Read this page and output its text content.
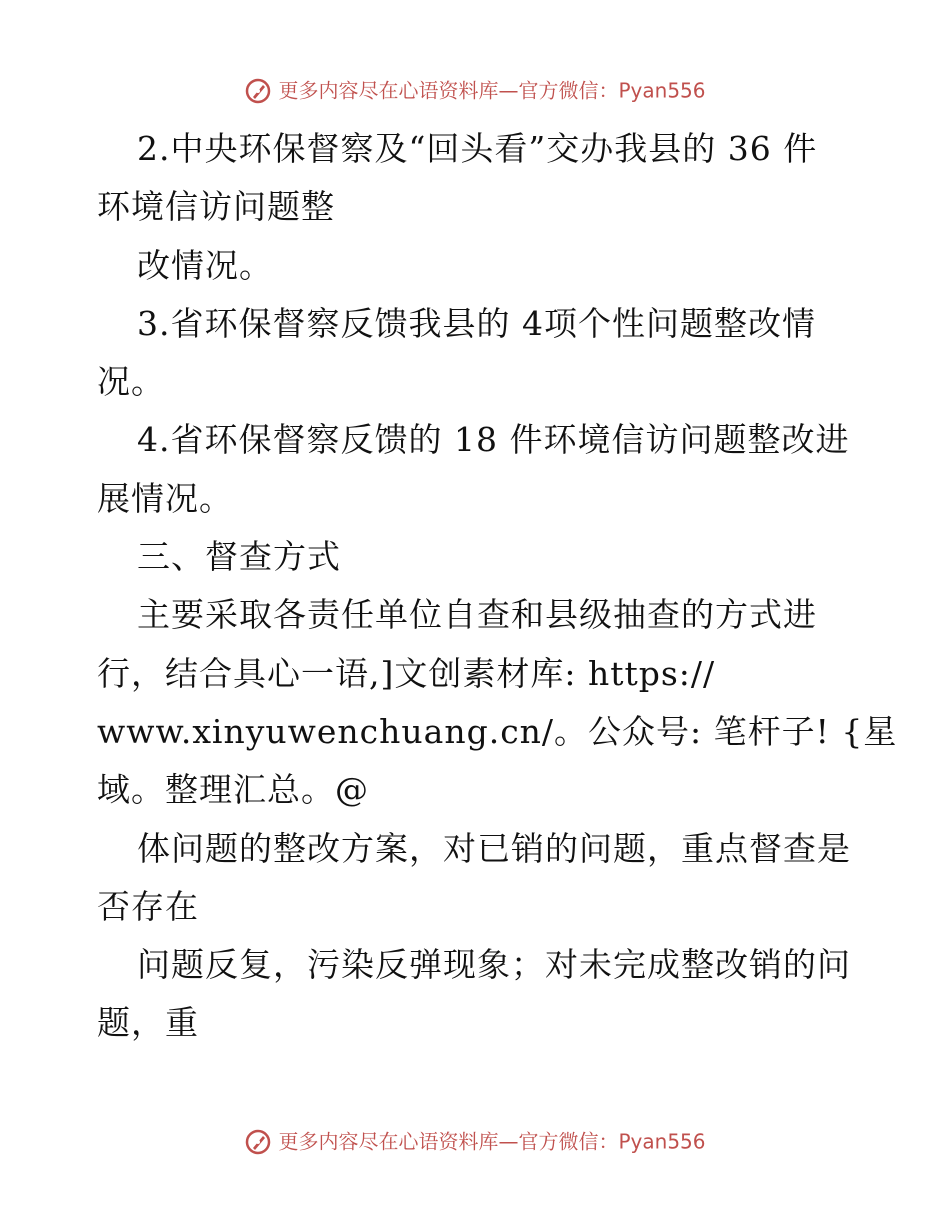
更多内容尽在心语资料库—官方微信：Pyan556
2.中央环保督察及“回头看”交办我县的 36 件
环境信访问题整
改情况。
3.省环保督察反馈我县的 4项个性问题整改情
况。
4.省环保督察反馈的 18 件环境信访问题整改进
展情况。
三、督查方式
主要采取各责任单位自查和县级抽查的方式进
行，结合具心一语,]文创素材库: https://
www.xinyuwenchuang.cn/。公众号: 笔杆子! {星
域。整理汇总。@
体问题的整改方案，对已销的问题，重点督查是
否存在
问题反复，污染反弹现象；对未完成整改销的问
题，重
更多内容尽在心语资料库—官方微信：Pyan556
